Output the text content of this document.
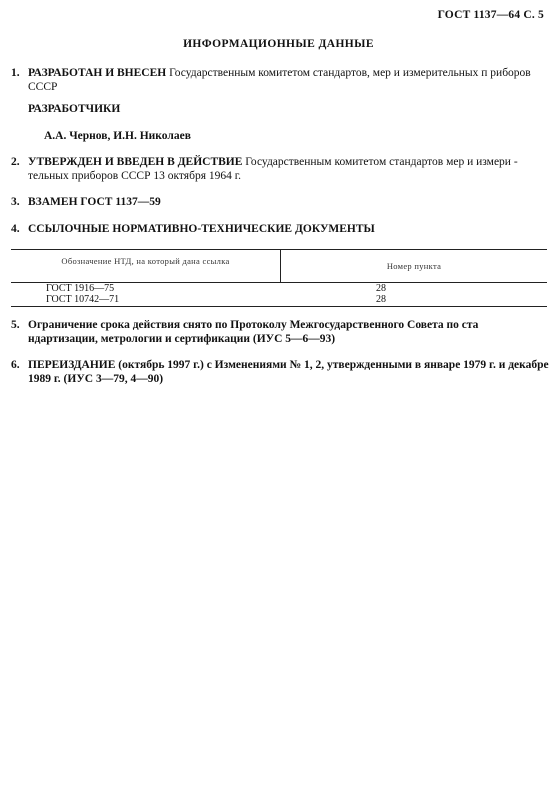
ГОСТ 1137—64 С. 5
ИНФОРМАЦИОННЫЕ ДАННЫЕ
1. РАЗРАБОТАН И ВНЕСЕН Государственным комитетом стандартов, мер и измерительных п риборов СССР
РАЗРАБОТЧИКИ
А.А. Чернов, И.Н. Николаев
2. УТВЕРЖДЕН И ВВЕДЕН В ДЕЙСТВИЕ Государственным комитетом стандартов мер и измери - тельных приборов СССР 13 октября 1964 г.
3. ВЗАМЕН ГОСТ 1137—59
4. ССЫЛОЧНЫЕ НОРМАТИВНО-ТЕХНИЧЕСКИЕ ДОКУМЕНТЫ
Обозначение НТД, на который дана ссылка	Номер пункта
ГОСТ 1916—75	28
ГОСТ 10742—71	28
5. Ограничение срока действия снято по Протоколу Межгосударственного Совета по ста ндартизации, метрологии и сертификации (ИУС 5—6—93)
6. ПЕРЕИЗДАНИЕ (октябрь 1997 г.) с Изменениями № 1, 2, утвержденными в январе 1979 г. и декабре 1989 г. (ИУС 3—79, 4—90)
